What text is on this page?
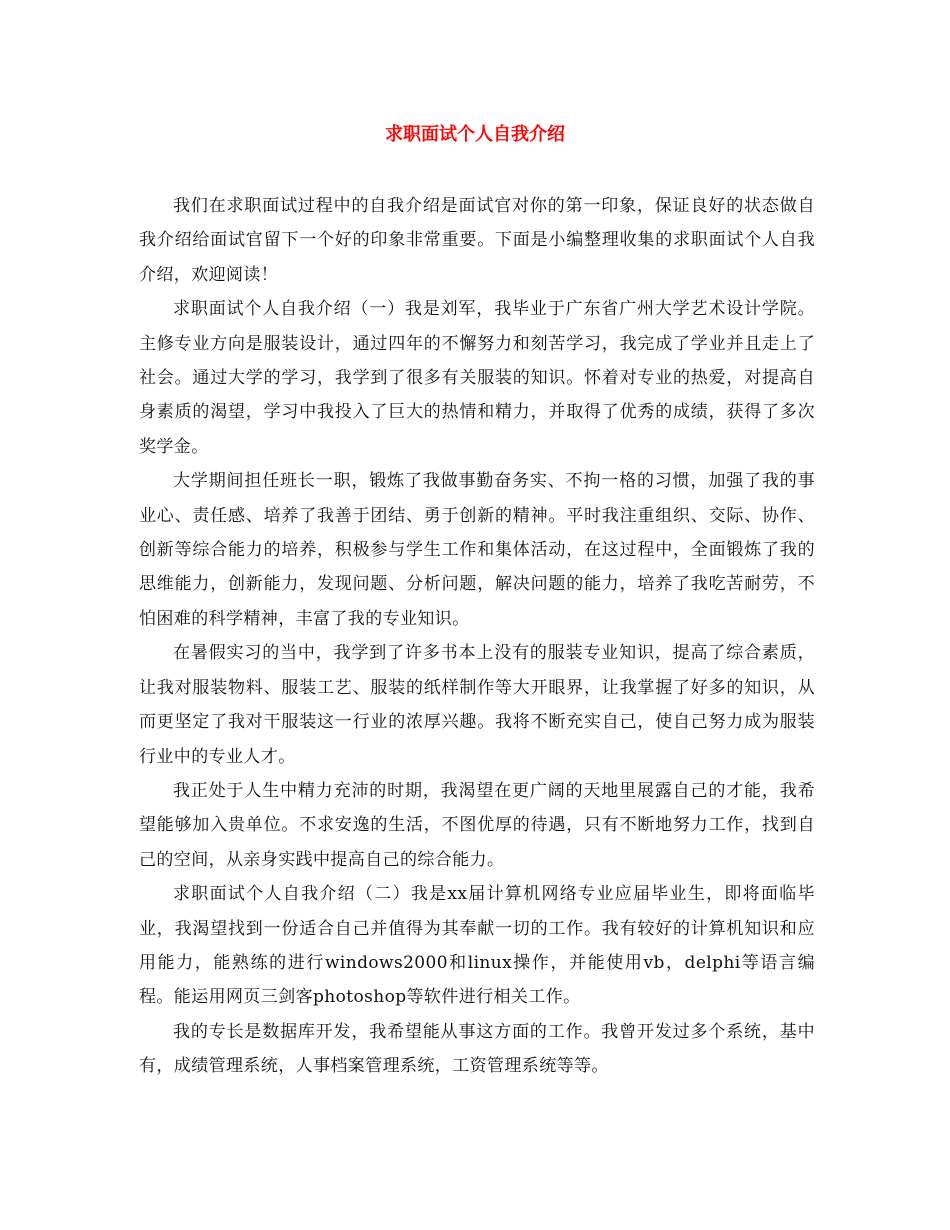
求职面试个人自我介绍

我们在求职面试过程中的自我介绍是面试官对你的第一印象，保证良好的状态做自我介绍给面试官留下一个好的印象非常重要。下面是小编整理收集的求职面试个人自我介绍，欢迎阅读！

求职面试个人自我介绍（一）我是刘军，我毕业于广东省广州大学艺术设计学院。主修专业方向是服装设计，通过四年的不懈努力和刻苦学习，我完成了学业并且走上了社会。通过大学的学习，我学到了很多有关服装的知识。怀着对专业的热爱，对提高自身素质的渴望，学习中我投入了巨大的热情和精力，并取得了优秀的成绩，获得了多次奖学金。

大学期间担任班长一职，锻炼了我做事勤奋务实、不拘一格的习惯，加强了我的事业心、责任感、培养了我善于团结、勇于创新的精神。平时我注重组织、交际、协作、创新等综合能力的培养，积极参与学生工作和集体活动，在这过程中，全面锻炼了我的思维能力，创新能力，发现问题、分析问题，解决问题的能力，培养了我吃苦耐劳，不怕困难的科学精神，丰富了我的专业知识。

在暑假实习的当中，我学到了许多书本上没有的服装专业知识，提高了综合素质，让我对服装物料、服装工艺、服装的纸样制作等大开眼界，让我掌握了好多的知识，从而更坚定了我对干服装这一行业的浓厚兴趣。我将不断充实自己，使自己努力成为服装行业中的专业人才。

我正处于人生中精力充沛的时期，我渴望在更广阔的天地里展露自己的才能，我希望能够加入贵单位。不求安逸的生活，不图优厚的待遇，只有不断地努力工作，找到自己的空间，从亲身实践中提高自己的综合能力。

求职面试个人自我介绍（二）我是xx届计算机网络专业应届毕业生，即将面临毕业，我渴望找到一份适合自己并值得为其奉献一切的工作。我有较好的计算机知识和应用能力，能熟练的进行windows2000和linux操作，并能使用vb，delphi等语言编程。能运用网页三剑客photoshop等软件进行相关工作。

我的专长是数据库开发，我希望能从事这方面的工作。我曾开发过多个系统，基中有，成绩管理系统，人事档案管理系统，工资管理系统等等。
